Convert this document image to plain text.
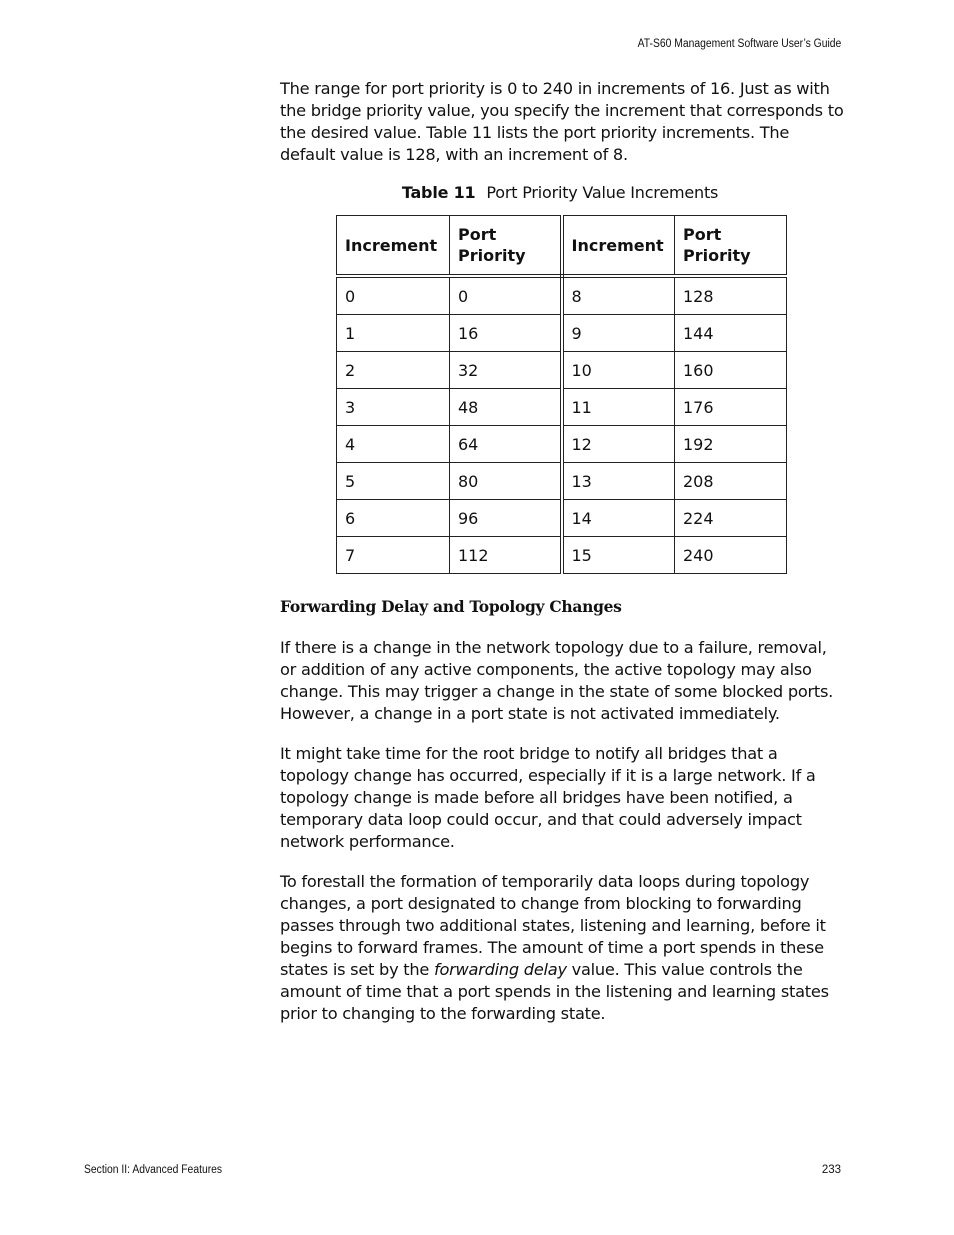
AT-S60 Management Software User’s Guide

The range for port priority is 0 to 240 in increments of 16. Just as with the bridge priority value, you specify the increment that corresponds to the desired value. Table 11 lists the port priority increments. The default value is 128, with an increment of 8.

Table 11 Port Priority Value Increments
Increment	Port Priority	Increment	Port Priority
0	0	8	128
1	16	9	144
2	32	10	160
3	48	11	176
4	64	12	192
5	80	13	208
6	96	14	224
7	112	15	240
Forwarding Delay and Topology Changes

If there is a change in the network topology due to a failure, removal, or addition of any active components, the active topology may also change. This may trigger a change in the state of some blocked ports. However, a change in a port state is not activated immediately.

It might take time for the root bridge to notify all bridges that a topology change has occurred, especially if it is a large network. If a topology change is made before all bridges have been notified, a temporary data loop could occur, and that could adversely impact network performance.

To forestall the formation of temporarily data loops during topology changes, a port designated to change from blocking to forwarding passes through two additional states, listening and learning, before it begins to forward frames. The amount of time a port spends in these states is set by the forwarding delay value. This value controls the amount of time that a port spends in the listening and learning states prior to changing to the forwarding state.

Section II: Advanced Features	233
